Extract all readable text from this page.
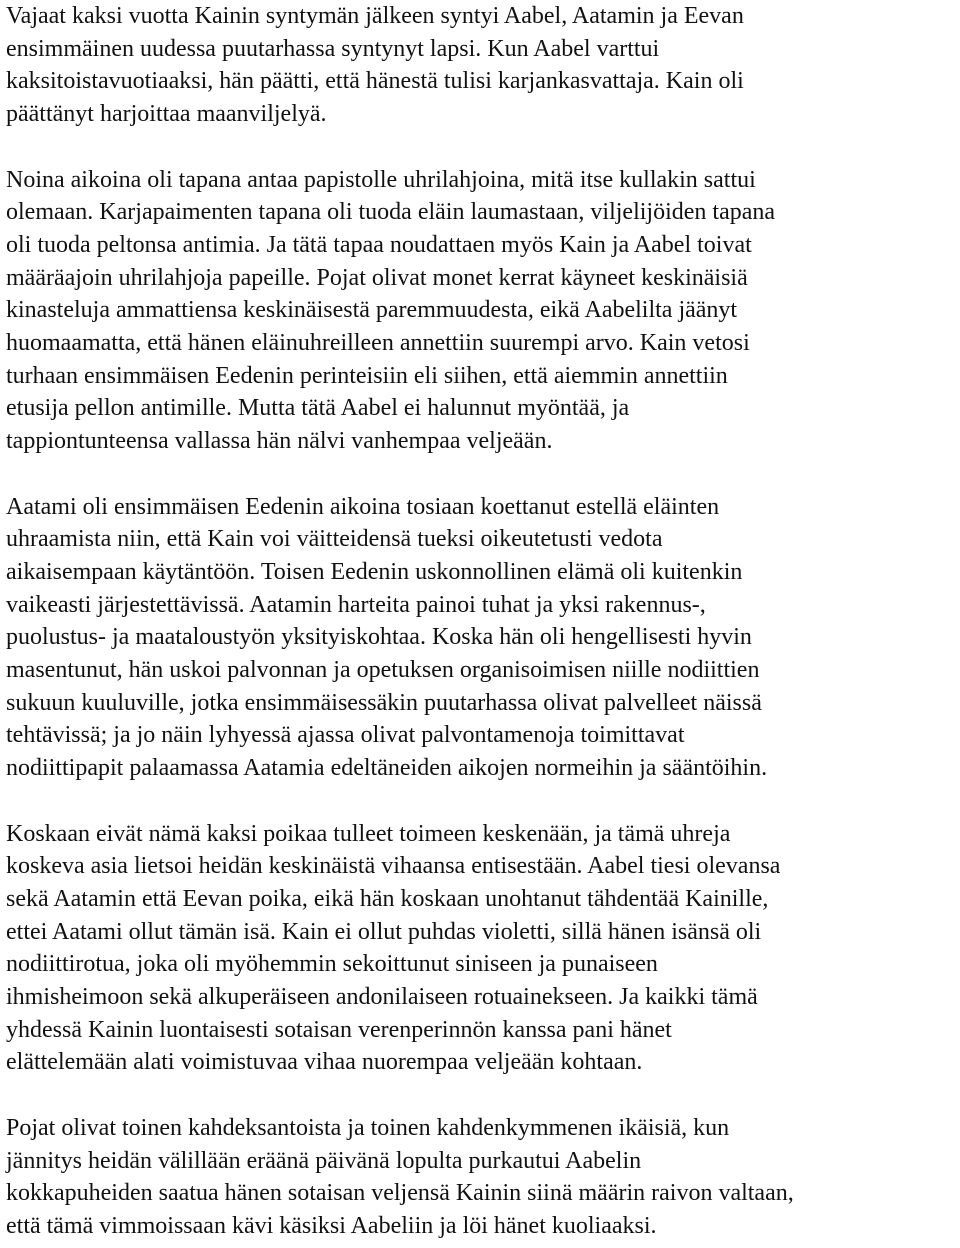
Vajaat kaksi vuotta Kainin syntymän jälkeen syntyi Aabel, Aatamin ja Eevan
ensimmäinen uudessa puutarhassa syntynyt lapsi. Kun Aabel varttui
kaksitoistavuotiaaksi, hän päätti, että hänestä tulisi karjankasvattaja. Kain oli
päättänyt harjoittaa maanviljelyä.

Noina aikoina oli tapana antaa papistolle uhrilahjoina, mitä itse kullakin sattui
olemaan. Karjapaimenten tapana oli tuoda eläin laumastaan, viljelijöiden tapana
oli tuoda peltonsa antimia. Ja tätä tapaa noudattaen myös Kain ja Aabel toivat
määräajoin uhrilahjoja papeille. Pojat olivat monet kerrat käyneet keskinäisiä
kinasteluja ammattiensa keskinäisestä paremmuudesta, eikä Aabelilta jäänyt
huomaamatta, että hänen eläinuhreilleen annettiin suurempi arvo. Kain vetosi
turhaan ensimmäisen Eedenin perinteisiin eli siihen, että aiemmin annettiin
etusija pellon antimille. Mutta tätä Aabel ei halunnut myöntää, ja
tappiontunteensa vallassa hän nälvi vanhempaa veljeään.

Aatami oli ensimmäisen Eedenin aikoina tosiaan koettanut estellä eläinten
uhraamista niin, että Kain voi väitteidensä tueksi oikeutetusti vedota
aikaisempaan käytäntöön. Toisen Eedenin uskonnollinen elämä oli kuitenkin
vaikeasti järjestettävissä. Aatamin harteita painoi tuhat ja yksi rakennus-,
puolustus- ja maataloustyön yksityiskohtaa. Koska hän oli hengellisesti hyvin
masentunut, hän uskoi palvonnan ja opetuksen organisoimisen niille nodiittien
sukuun kuuluville, jotka ensimmäisessäkin puutarhassa olivat palvelleet näissä
tehtävissä; ja jo näin lyhyessä ajassa olivat palvontamenoja toimittavat
nodiittipapit palaamassa Aatamia edeltäneiden aikojen normeihin ja sääntöihin.

Koskaan eivät nämä kaksi poikaa tulleet toimeen keskenään, ja tämä uhreja
koskeva asia lietsoi heidän keskinäistä vihaansa entisestään. Aabel tiesi olevansa
sekä Aatamin että Eevan poika, eikä hän koskaan unohtanut tähdentää Kainille,
ettei Aatami ollut tämän isä. Kain ei ollut puhdas violetti, sillä hänen isänsä oli
nodiittirotua, joka oli myöhemmin sekoittunut siniseen ja punaiseen
ihmisheimoon sekä alkuperäiseen andonilaiseen rotuainekseen. Ja kaikki tämä
yhdessä Kainin luontaisesti sotaisan verenperinnön kanssa pani hänet
elättelemään alati voimistuvaa vihaa nuorempaa veljeään kohtaan.

Pojat olivat toinen kahdeksantoista ja toinen kahdenkymmenen ikäisiä, kun
jännitys heidän välillään eräänä päivänä lopulta purkautui Aabelin
kokkapuheiden saatua hänen sotaisan veljensä Kainin siinä määrin raivon valtaan,
että tämä vimmoissaan kävi käsiksi Aabeliin ja löi hänet kuoliaaksi.
